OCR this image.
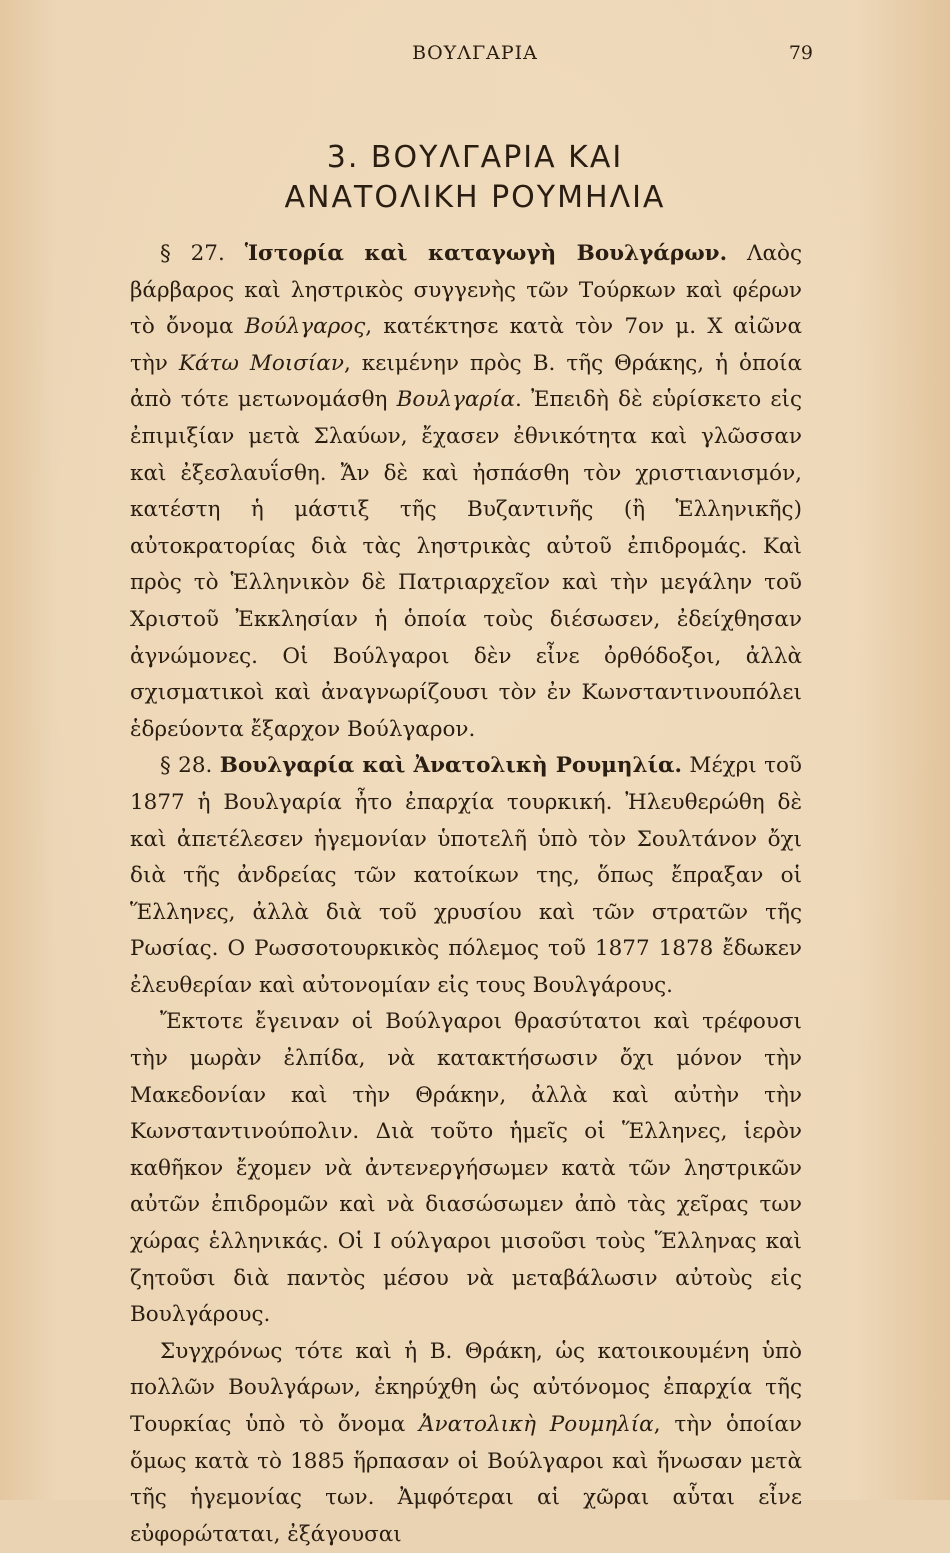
ΒΟΥΛΓΑΡΙΑ	79
3. ΒΟΥΛΓΑΡΙΑ ΚΑΙ
ΑΝΑΤΟΛΙΚΗ ΡΟΥΜΗΛΙΑ

§ 27. Ἱστορία καὶ καταγωγὴ Βουλγάρων. Λαὸς βάρβαρος καὶ ληστρικὸς συγγενὴς τῶν Τούρκων καὶ φέρων τὸ ὄνομα Βούλγαρος, κατέκτησε κατὰ τὸν 7ον μ. Χ αἰῶνα τὴν Κάτω Μοισίαν, κειμένην πρὸς Β. τῆς Θράκης, ἡ ὁποία ἀπὸ τότε μετωνομάσθη Βουλγαρία. Ἐπειδὴ δὲ εὑρίσκετο εἰς ἐπιμιξίαν μετὰ Σλαύων, ἔχασεν ἐθνικότητα καὶ γλῶσσαν καὶ ἐξεσλαυΐσθη. Ἄν δὲ καὶ ἠσπάσθη τὸν χριστιανισμόν, κατέστη ἡ μάστιξ τῆς Βυζαντινῆς (ἢ Ἑλληνικῆς) αὐτοκρατορίας διὰ τὰς ληστρικὰς αὐτοῦ ἐπιδρομάς. Καὶ πρὸς τὸ Ἑλληνικὸν δὲ Πατριαρχεῖον καὶ τὴν μεγάλην τοῦ Χριστοῦ Ἐκκλησίαν ἡ ὁποία τοὺς διέσωσεν, ἐδείχθησαν ἀγνώμονες. Οἱ Βούλγαροι δὲν εἶνε ὀρθόδοξοι, ἀλλὰ σχισματικοὶ καὶ ἀναγνωρίζουσι τὸν ἐν Κωνσταντινουπόλει ἑδρεύοντα ἔξαρχον Βούλγαρον.

§ 28. Βουλγαρία καὶ Ἀνατολικὴ Ρουμηλία. Μέχρι τοῦ 1877 ἡ Βουλγαρία ἦτο ἐπαρχία τουρκική. Ἠλευθερώθη δὲ καὶ ἀπετέλεσεν ἡγεμονίαν ὑποτελῆ ὑπὸ τὸν Σουλτάνον ὄχι διὰ τῆς ἀνδρείας τῶν κατοίκων της, ὅπως ἔπραξαν οἱ Ἕλληνες, ἀλλὰ διὰ τοῦ χρυσίου καὶ τῶν στρατῶν τῆς Ρωσίας. Ο Ρωσσοτουρκικὸς πόλεμος τοῦ 1877 1878 ἔδωκεν ἐλευθερίαν καὶ αὐτονομίαν εἰς τους Βουλγάρους.

Ἔκτοτε ἔγειναν οἱ Βούλγαροι θρασύτατοι καὶ τρέφουσι τὴν μωρὰν ἐλπίδα, νὰ κατακτήσωσιν ὄχι μόνον τὴν Μακεδονίαν καὶ τὴν Θράκην, ἀλλὰ καὶ αὐτὴν τὴν Κωνσταντινούπολιν. Διὰ τοῦτο ἡμεῖς οἱ Ἕλληνες, ἱερὸν καθῆκον ἔχομεν νὰ ἀντενεργήσωμεν κατὰ τῶν ληστρικῶν αὐτῶν ἐπιδρομῶν καὶ νὰ διασώσωμεν ἀπὸ τὰς χεῖρας των χώρας ἑλληνικάς. Οἱ Ι ούλγαροι μισοῦσι τοὺς Ἕλληνας καὶ ζητοῦσι διὰ παντὸς μέσου νὰ μεταβάλωσιν αὐτοὺς εἰς Βουλγάρους.

Συγχρόνως τότε καὶ ἡ Β. Θράκη, ὡς κατοικουμένη ὑπὸ πολλῶν Βουλγάρων, ἐκηρύχθη ὡς αὐτόνομος ἐπαρχία τῆς Τουρκίας ὑπὸ τὸ ὄνομα Ἀνατολικὴ Ρουμηλία, τὴν ὁποίαν ὅμως κατὰ τὸ 1885 ἥρπασαν οἱ Βούλγαροι καὶ ἥνωσαν μετὰ τῆς ἡγεμονίας των. Ἀμφότεραι αἱ χῶραι αὗται εἶνε εὐφορώταται, ἐξάγουσαι
